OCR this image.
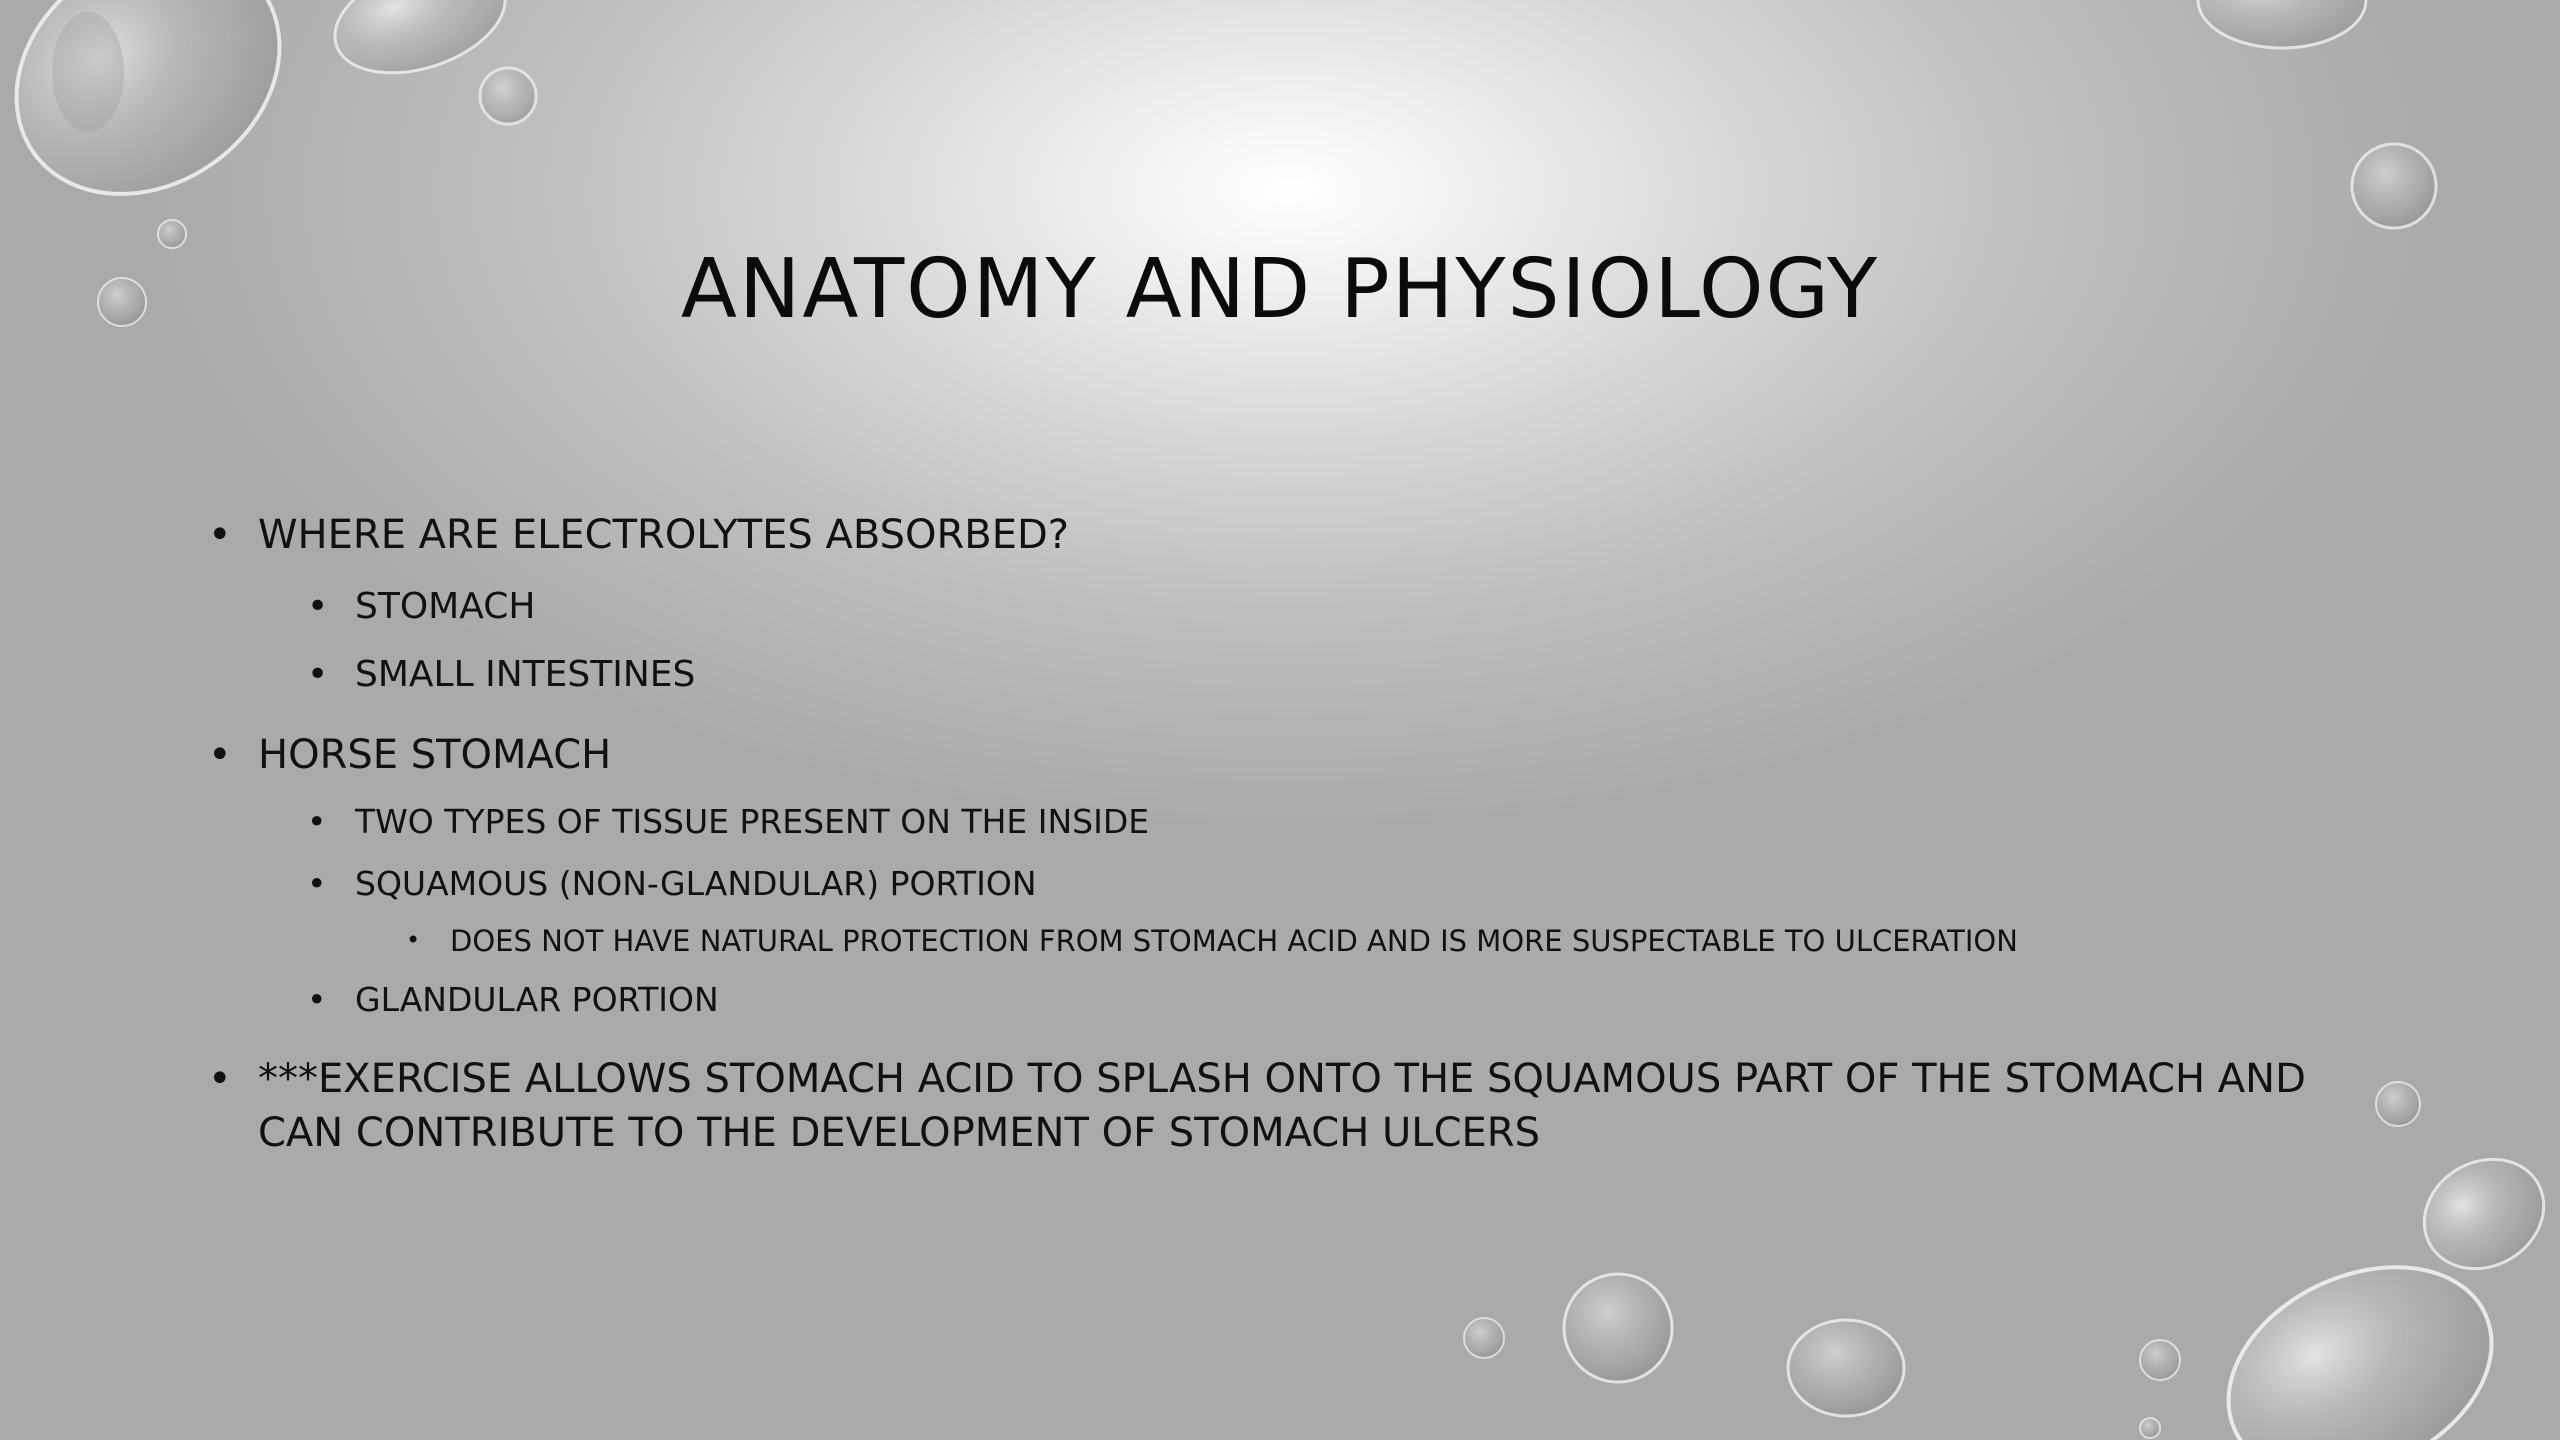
ANATOMY AND PHYSIOLOGY
• WHERE ARE ELECTROLYTES ABSORBED?
• STOMACH
• SMALL INTESTINES
• HORSE STOMACH
• TWO TYPES OF TISSUE PRESENT ON THE INSIDE
• SQUAMOUS (NON-GLANDULAR) PORTION
• DOES NOT HAVE NATURAL PROTECTION FROM STOMACH ACID AND IS MORE SUSPECTABLE TO ULCERATION
• GLANDULAR PORTION
• ***EXERCISE ALLOWS STOMACH ACID TO SPLASH ONTO THE SQUAMOUS PART OF THE STOMACH AND CAN CONTRIBUTE TO THE DEVELOPMENT OF STOMACH ULCERS
